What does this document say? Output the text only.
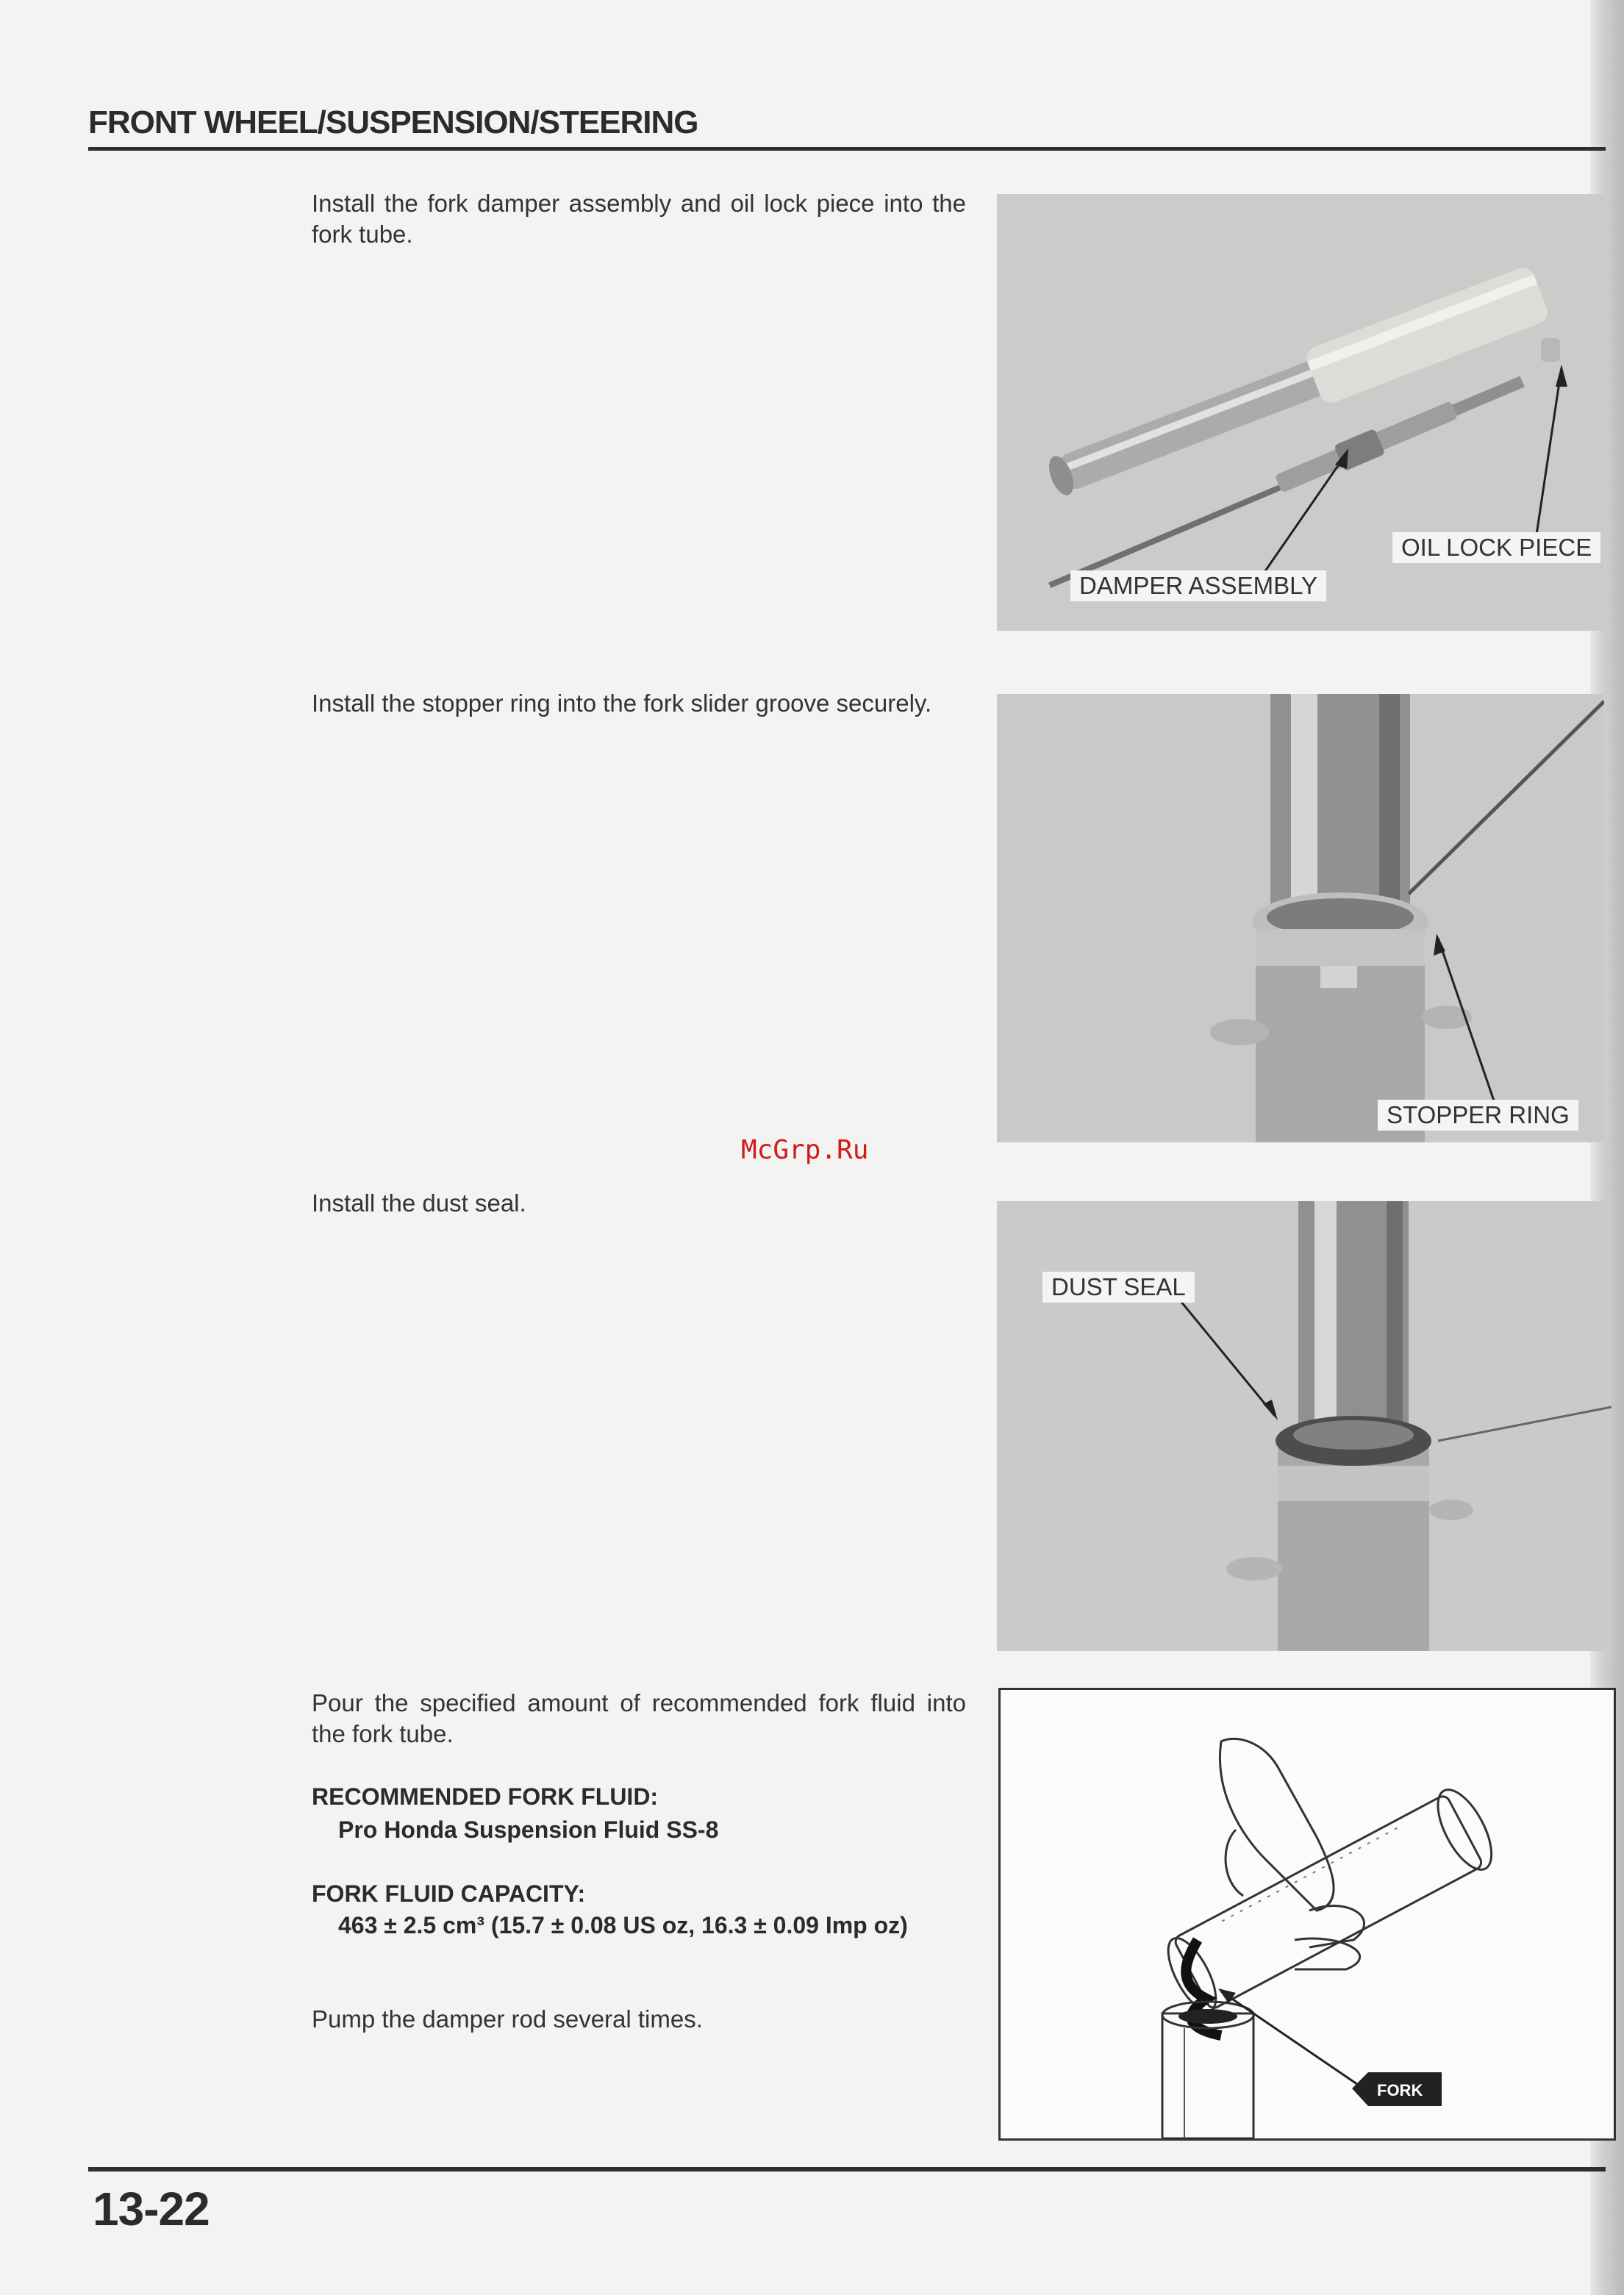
FRONT WHEEL/SUSPENSION/STEERING
Install the fork damper assembly and oil lock piece into the fork tube.
OIL LOCK PIECE
DAMPER ASSEMBLY
Install the stopper ring into the fork slider groove securely.
STOPPER RING
McGrp.Ru
Install the dust seal.
DUST SEAL
Pour the specified amount of recommended fork fluid into the fork tube.
RECOMMENDED FORK FLUID:
Pro Honda Suspension Fluid SS-8
FORK FLUID CAPACITY:
463 ± 2.5 cm³ (15.7 ± 0.08 US oz, 16.3 ± 0.09 Imp oz)
Pump the damper rod several times.
FORK
13-22
